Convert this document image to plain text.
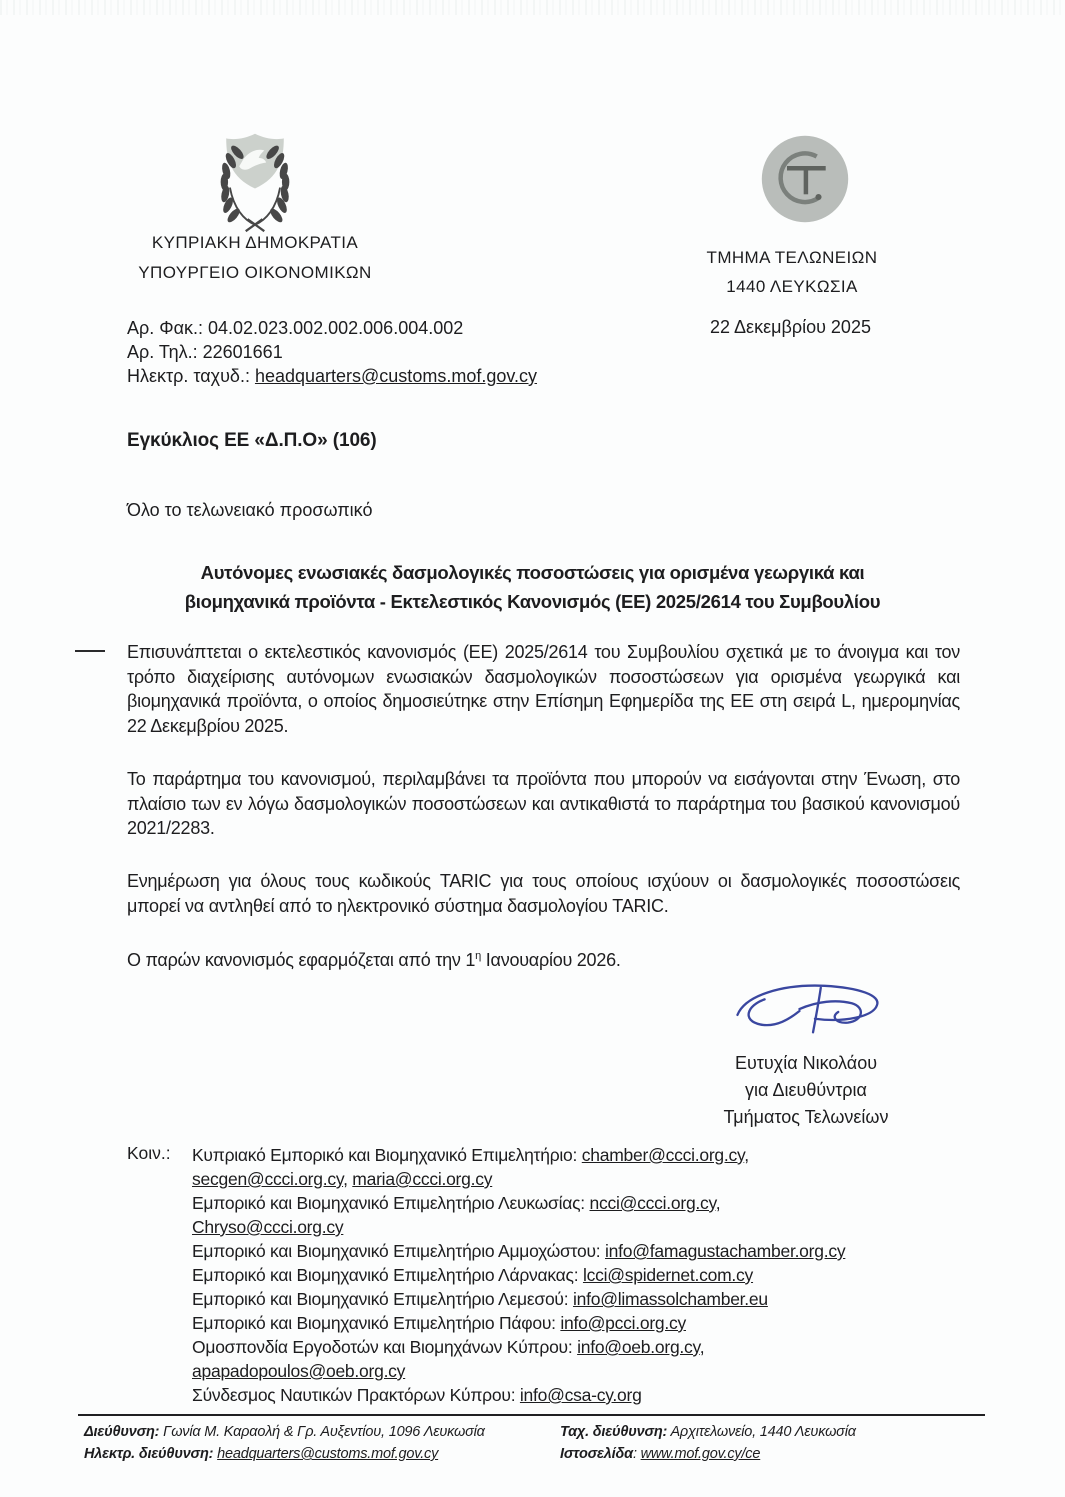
ΚΥΠΡΙΑΚΗ ΔΗΜΟΚΡΑΤΙΑ
ΥΠΟΥΡΓΕΙΟ ΟΙΚΟΝΟΜΙΚΩΝ
ΤΜΗΜΑ ΤΕΛΩΝΕΙΩΝ
1440 ΛΕΥΚΩΣΙΑ
Αρ. Φακ.: 04.02.023.002.002.006.004.002
Αρ. Τηλ.: 22601661
Ηλεκτρ. ταχυδ.: headquarters@customs.mof.gov.cy
22 Δεκεμβρίου 2025
Εγκύκλιος ΕΕ «Δ.Π.Ο» (106)
Όλο το τελωνειακό προσωπικό
Αυτόνομες ενωσιακές δασμολογικές ποσοστώσεις για ορισμένα γεωργικά και
βιομηχανικά προϊόντα - Εκτελεστικός Κανονισμός (ΕΕ) 2025/2614 του Συμβουλίου
Επισυνάπτεται ο εκτελεστικός κανονισμός (ΕΕ) 2025/2614 του Συμβουλίου σχετικά με το άνοιγμα και τον τρόπο διαχείρισης αυτόνομων ενωσιακών δασμολογικών ποσοστώσεων για ορισμένα γεωργικά και βιομηχανικά προϊόντα, ο οποίος δημοσιεύτηκε στην Επίσημη Εφημερίδα της ΕΕ στη σειρά L, ημερομηνίας 22 Δεκεμβρίου 2025.
Το παράρτημα του κανονισμού, περιλαμβάνει τα προϊόντα που μπορούν να εισάγονται στην Ένωση, στο πλαίσιο των εν λόγω δασμολογικών ποσοστώσεων και αντικαθιστά το παράρτημα του βασικού κανονισμού 2021/2283.
Ενημέρωση για όλους τους κωδικούς TARIC για τους οποίους ισχύουν οι δασμολογικές ποσοστώσεις μπορεί να αντληθεί από το ηλεκτρονικό σύστημα δασμολογίου TARIC.
Ο παρών κανονισμός εφαρμόζεται από την $1^\eta$ Ιανουαρίου 2026.
Ευτυχία Νικολάου
για Διευθύντρια
Τμήματος Τελωνείων
Κοιν.: Κυπριακό Εμπορικό και Βιομηχανικό Επιμελητήριο: chamber@ccci.org.cy,
secgen@ccci.org.cy, maria@ccci.org.cy
Εμπορικό και Βιομηχανικό Επιμελητήριο Λευκωσίας: ncci@ccci.org.cy,
Chryso@ccci.org.cy
Εμπορικό και Βιομηχανικό Επιμελητήριο Αμμοχώστου: info@famagustachamber.org.cy
Εμπορικό και Βιομηχανικό Επιμελητήριο Λάρνακας: lcci@spidernet.com.cy
Εμπορικό και Βιομηχανικό Επιμελητήριο Λεμεσού: info@limassolchamber.eu
Εμπορικό και Βιομηχανικό Επιμελητήριο Πάφου: info@pcci.org.cy
Ομοσπονδία Εργοδοτών και Βιομηχάνων Κύπρου: info@oeb.org.cy,
apapadopoulos@oeb.org.cy
Σύνδεσμος Ναυτικών Πρακτόρων Κύπρου: info@csa-cy.org
Διεύθυνση: Γωνία Μ. Καραολή & Γρ. Αυξεντίου, 1096 Λευκωσία
Ηλεκτρ. διεύθυνση: headquarters@customs.mof.gov.cy
Ταχ. διεύθυνση: Αρχιτελωνείο, 1440 Λευκωσία
Ιστοσελίδα: www.mof.gov.cy/ce
